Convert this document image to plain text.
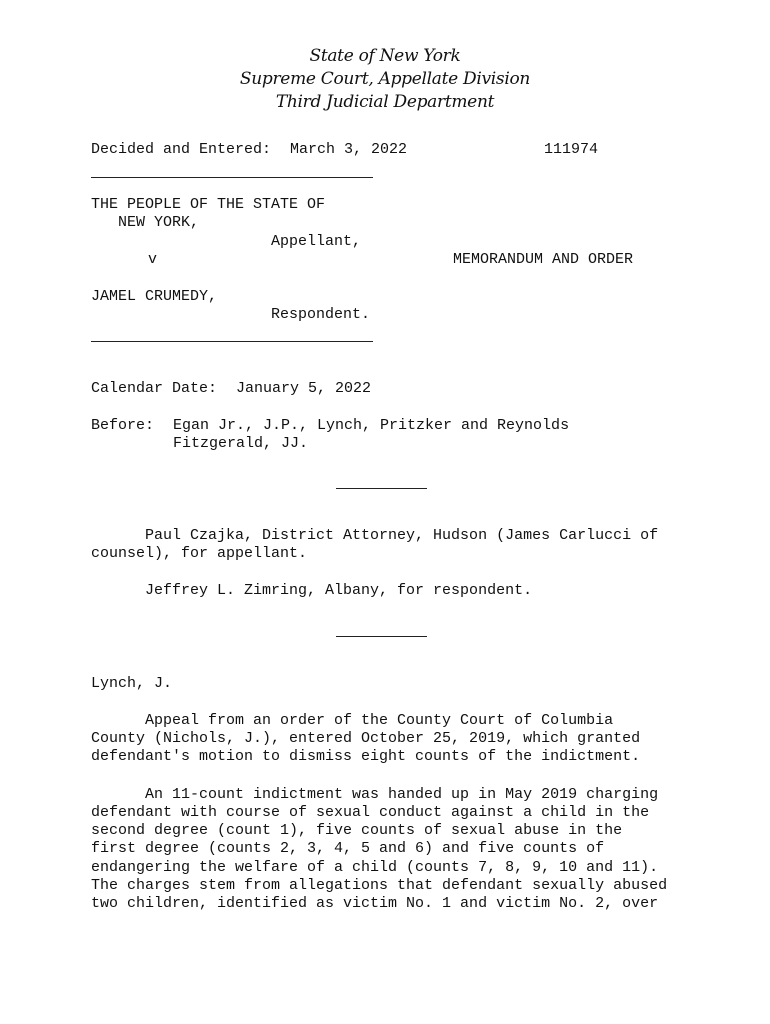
State of New York
Supreme Court, Appellate Division
Third Judicial Department
Decided and Entered: March 3, 2022	111974
THE PEOPLE OF THE STATE OF
NEW YORK,
Appellant,
v	MEMORANDUM AND ORDER
JAMEL CRUMEDY,
Respondent.
Calendar Date: January 5, 2022
Before: Egan Jr., J.P., Lynch, Pritzker and Reynolds
Fitzgerald, JJ.
Paul Czajka, District Attorney, Hudson (James Carlucci of
counsel), for appellant.
Jeffrey L. Zimring, Albany, for respondent.
Lynch, J.
Appeal from an order of the County Court of Columbia
County (Nichols, J.), entered October 25, 2019, which granted
defendant's motion to dismiss eight counts of the indictment.
An 11-count indictment was handed up in May 2019 charging
defendant with course of sexual conduct against a child in the
second degree (count 1), five counts of sexual abuse in the
first degree (counts 2, 3, 4, 5 and 6) and five counts of
endangering the welfare of a child (counts 7, 8, 9, 10 and 11).
The charges stem from allegations that defendant sexually abused
two children, identified as victim No. 1 and victim No. 2, over
